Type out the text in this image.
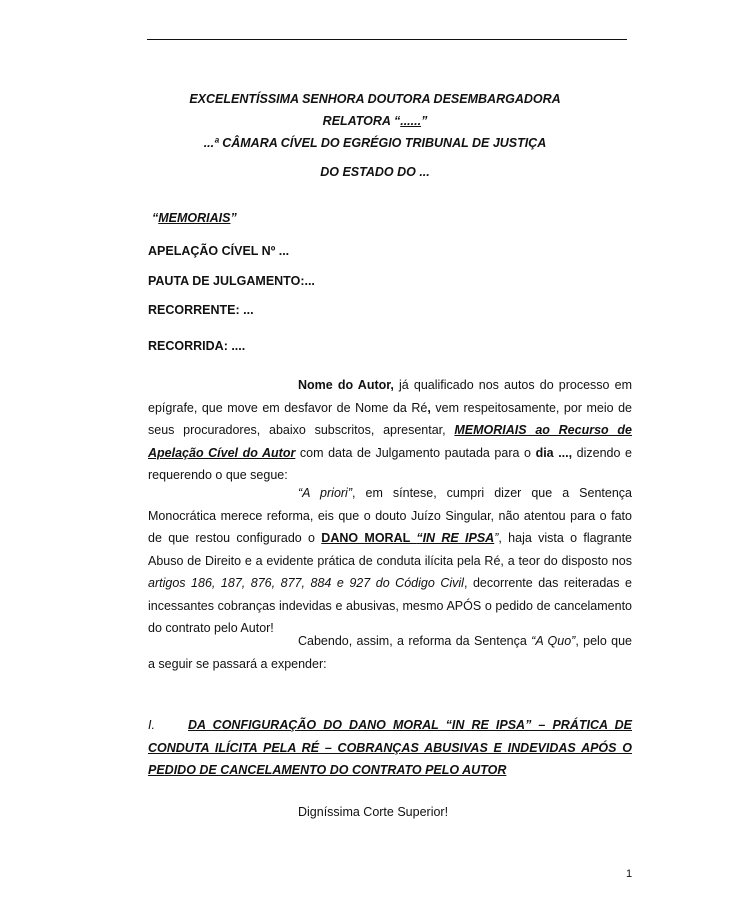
EXCELENTÍSSIMA SENHORA DOUTORA DESEMBARGADORA
RELATORA “......”
...ª CÂMARA CÍVEL DO EGRÉGIO TRIBUNAL DE JUSTIÇA
DO ESTADO DO ...
“MEMORIAIS”
APELAÇÃO CÍVEL Nº ...
PAUTA DE JULGAMENTO:...
RECORRENTE: ...
RECORRIDA: ....
Nome do Autor, já qualificado nos autos do processo em epígrafe, que move em desfavor de Nome da Ré, vem respeitosamente, por meio de seus procuradores, abaixo subscritos, apresentar, MEMORIAIS ao Recurso de Apelação Cível do Autor com data de Julgamento pautada para o dia ..., dizendo e requerendo o que segue:
“A priori”, em síntese, cumpri dizer que a Sentença Monocrática merece reforma, eis que o douto Juízo Singular, não atentou para o fato de que restou configurado o DANO MORAL “IN RE IPSA”, haja vista o flagrante Abuso de Direito e a evidente prática de conduta ilícita pela Ré, a teor do disposto nos artigos 186, 187, 876, 877, 884 e 927 do Código Civil, decorrente das reiteradas e incessantes cobranças indevidas e abusivas, mesmo APÓS o pedido de cancelamento do contrato pelo Autor!
Cabendo, assim, a reforma da Sentença “A Quo”, pelo que a seguir se passará a expender:
I.	DA CONFIGURAÇÃO DO DANO MORAL “IN RE IPSA” – PRÁTICA DE CONDUTA ILÍCITA PELA RÉ – COBRANÇAS ABUSIVAS E INDEVIDAS APÓS O PEDIDO DE CANCELAMENTO DO CONTRATO PELO AUTOR
Digníssima Corte Superior!
1
